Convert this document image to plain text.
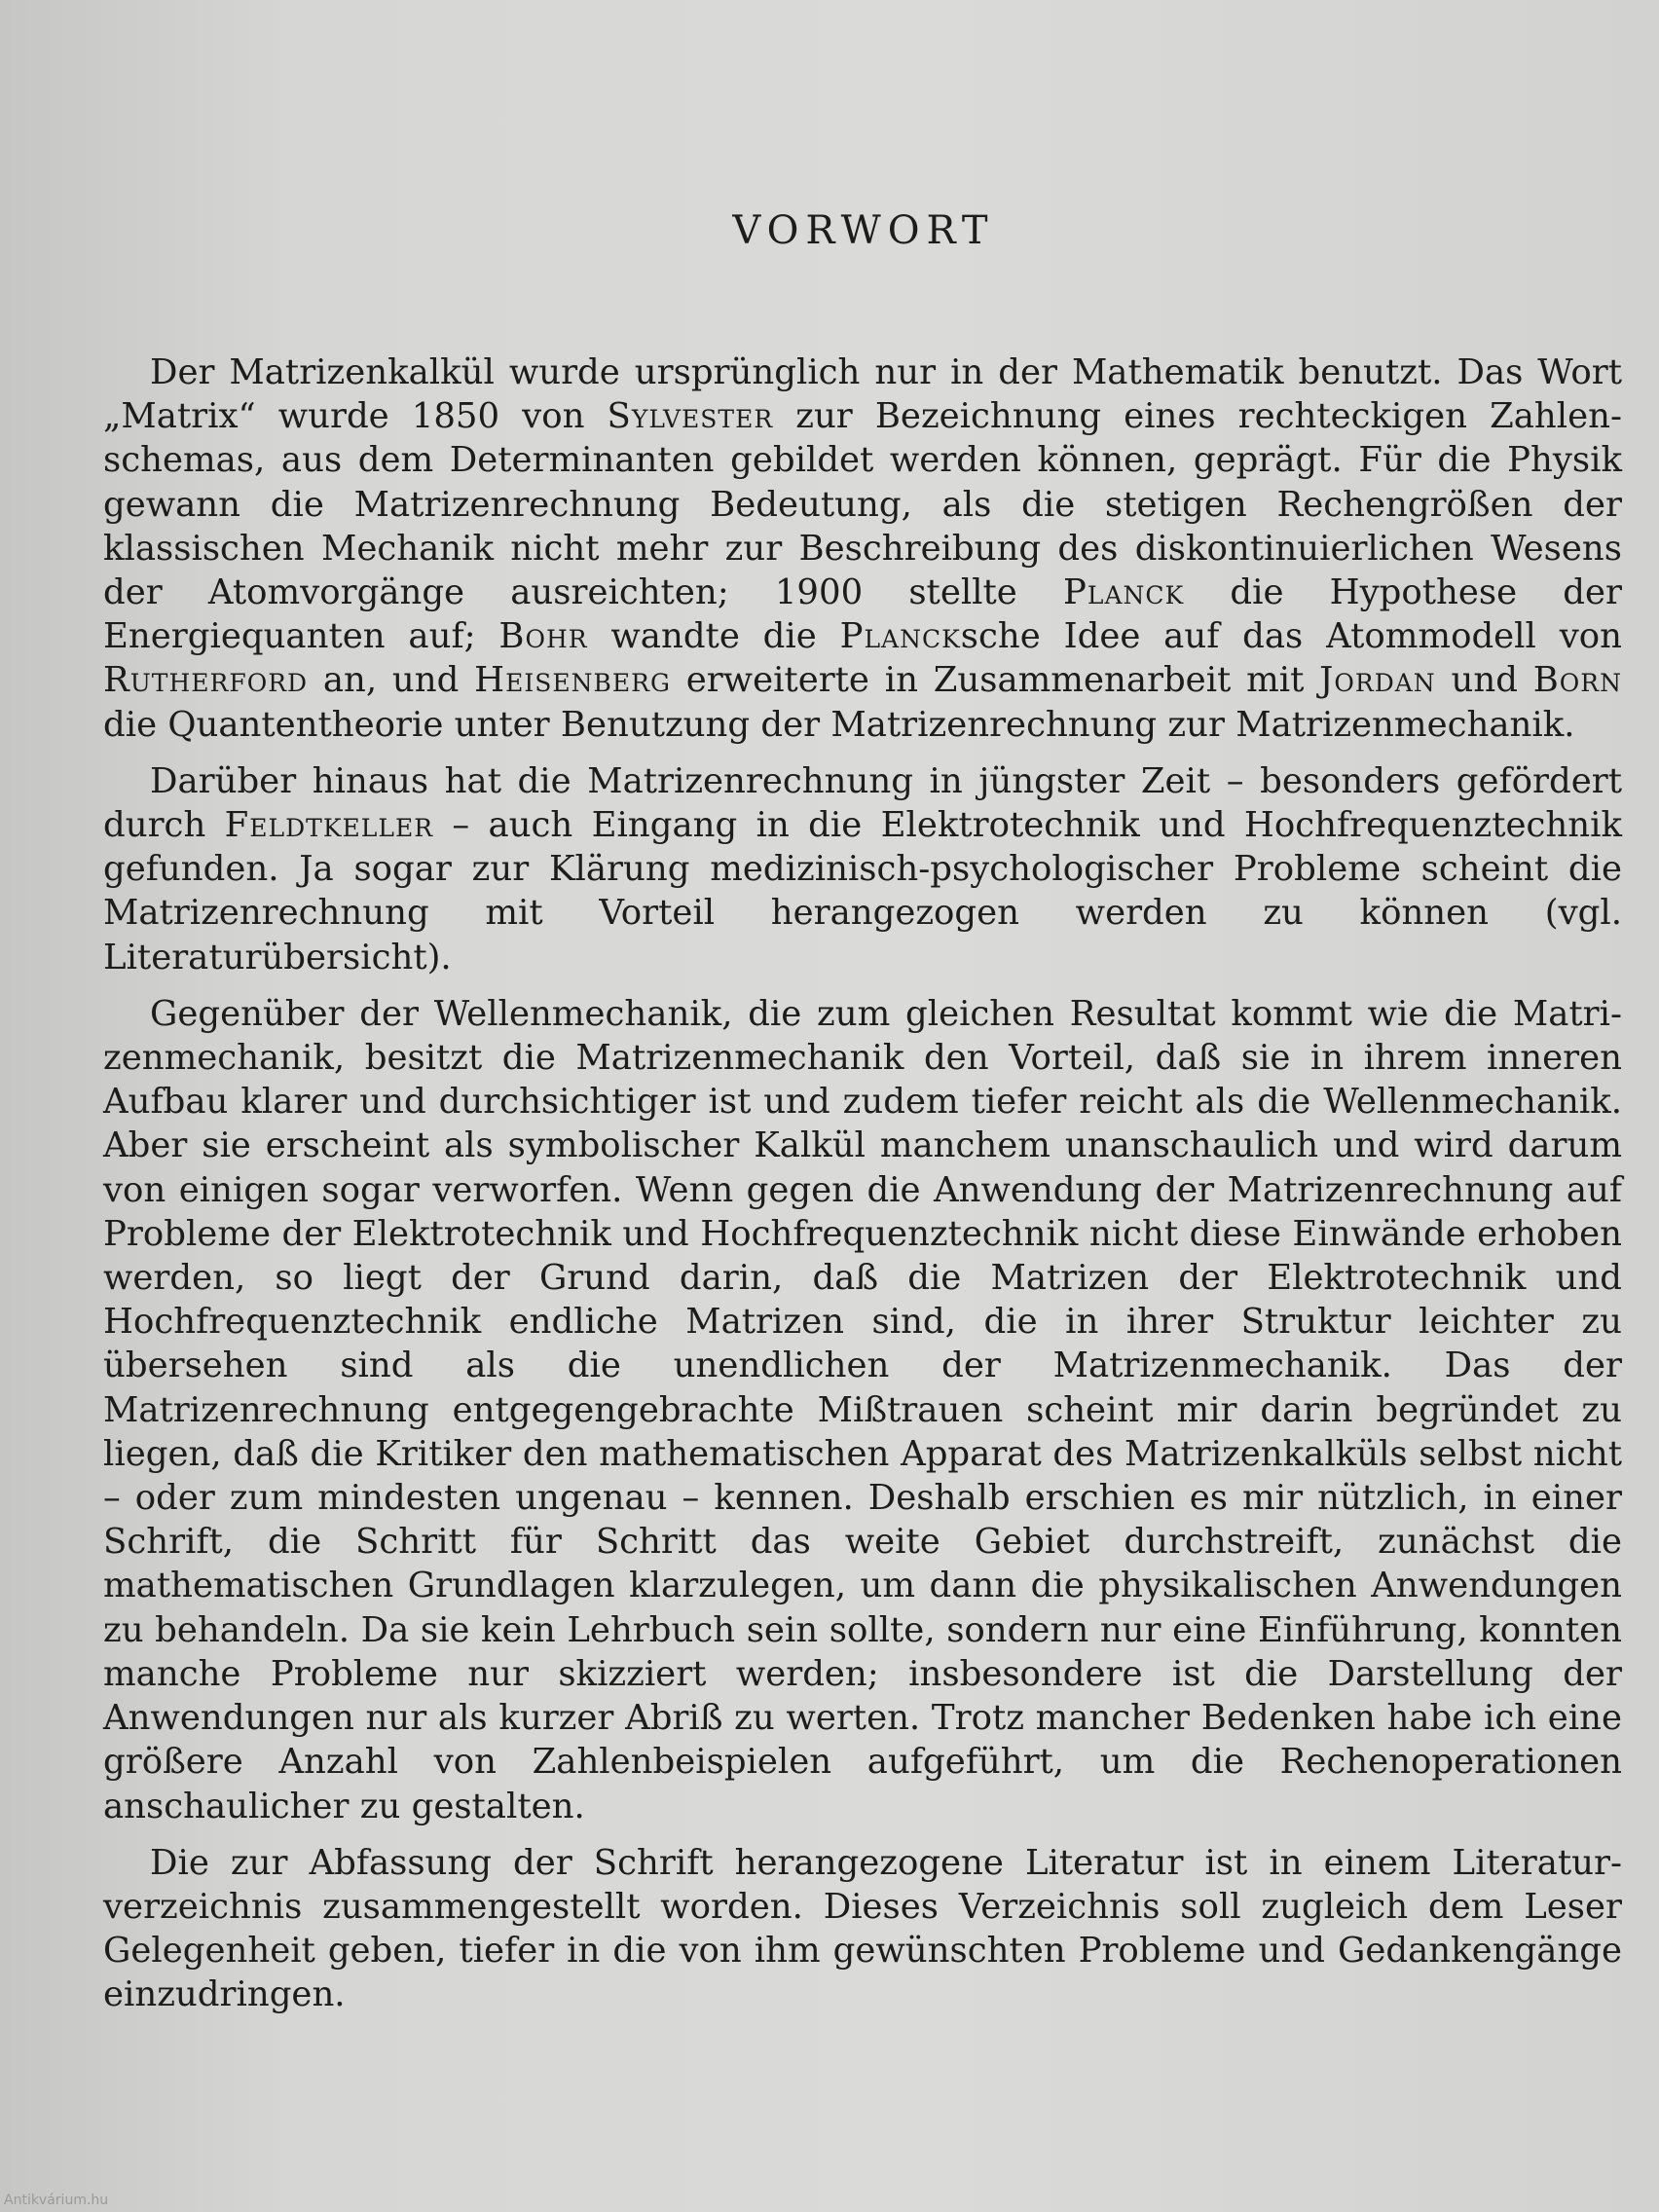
VORWORT

Der Matrizenkalkül wurde ursprünglich nur in der Mathematik benutzt. Das Wort „Matrix“ wurde 1850 von Sylvester zur Bezeichnung eines rechteckigen Zahlenschemas, aus dem Determinanten gebildet werden können, geprägt. Für die Physik gewann die Matrizenrechnung Bedeutung, als die stetigen Rechengrößen der klassischen Mechanik nicht mehr zur Beschreibung des diskontinuierlichen Wesens der Atomvorgänge ausreichten; 1900 stellte Planck die Hypothese der Energiequanten auf; Bohr wandte die Plancksche Idee auf das Atommodell von Rutherford an, und Heisenberg erweiterte in Zusammenarbeit mit Jordan und Born die Quantentheorie unter Benutzung der Matrizenrechnung zur Matrizenmechanik.

Darüber hinaus hat die Matrizenrechnung in jüngster Zeit – besonders gefördert durch Feldtkeller – auch Eingang in die Elektrotechnik und Hochfrequenztechnik gefunden. Ja sogar zur Klärung medizinisch-psychologischer Probleme scheint die Matrizenrechnung mit Vorteil herangezogen werden zu können (vgl. Literaturübersicht).

Gegenüber der Wellenmechanik, die zum gleichen Resultat kommt wie die Matrizenmechanik, besitzt die Matrizenmechanik den Vorteil, daß sie in ihrem inneren Aufbau klarer und durchsichtiger ist und zudem tiefer reicht als die Wellenmechanik. Aber sie erscheint als symbolischer Kalkül manchem unanschaulich und wird darum von einigen sogar verworfen. Wenn gegen die Anwendung der Matrizenrechnung auf Probleme der Elektrotechnik und Hochfrequenztechnik nicht diese Einwände erhoben werden, so liegt der Grund darin, daß die Matrizen der Elektrotechnik und Hochfrequenztechnik endliche Matrizen sind, die in ihrer Struktur leichter zu übersehen sind als die unendlichen der Matrizenmechanik. Das der Matrizenrechnung entgegengebrachte Mißtrauen scheint mir darin begründet zu liegen, daß die Kritiker den mathematischen Apparat des Matrizenkalküls selbst nicht – oder zum mindesten ungenau – kennen. Deshalb erschien es mir nützlich, in einer Schrift, die Schritt für Schritt das weite Gebiet durchstreift, zunächst die mathematischen Grundlagen klarzulegen, um dann die physikalischen Anwendungen zu behandeln. Da sie kein Lehrbuch sein sollte, sondern nur eine Einführung, konnten manche Probleme nur skizziert werden; insbesondere ist die Darstellung der Anwendungen nur als kurzer Abriß zu werten. Trotz mancher Bedenken habe ich eine größere Anzahl von Zahlenbeispielen aufgeführt, um die Rechenoperationen anschaulicher zu gestalten.

Die zur Abfassung der Schrift herangezogene Literatur ist in einem Literaturverzeichnis zusammengestellt worden. Dieses Verzeichnis soll zugleich dem Leser Gelegenheit geben, tiefer in die von ihm gewünschten Probleme und Gedankengänge einzudringen.

Antikvárium.hu
